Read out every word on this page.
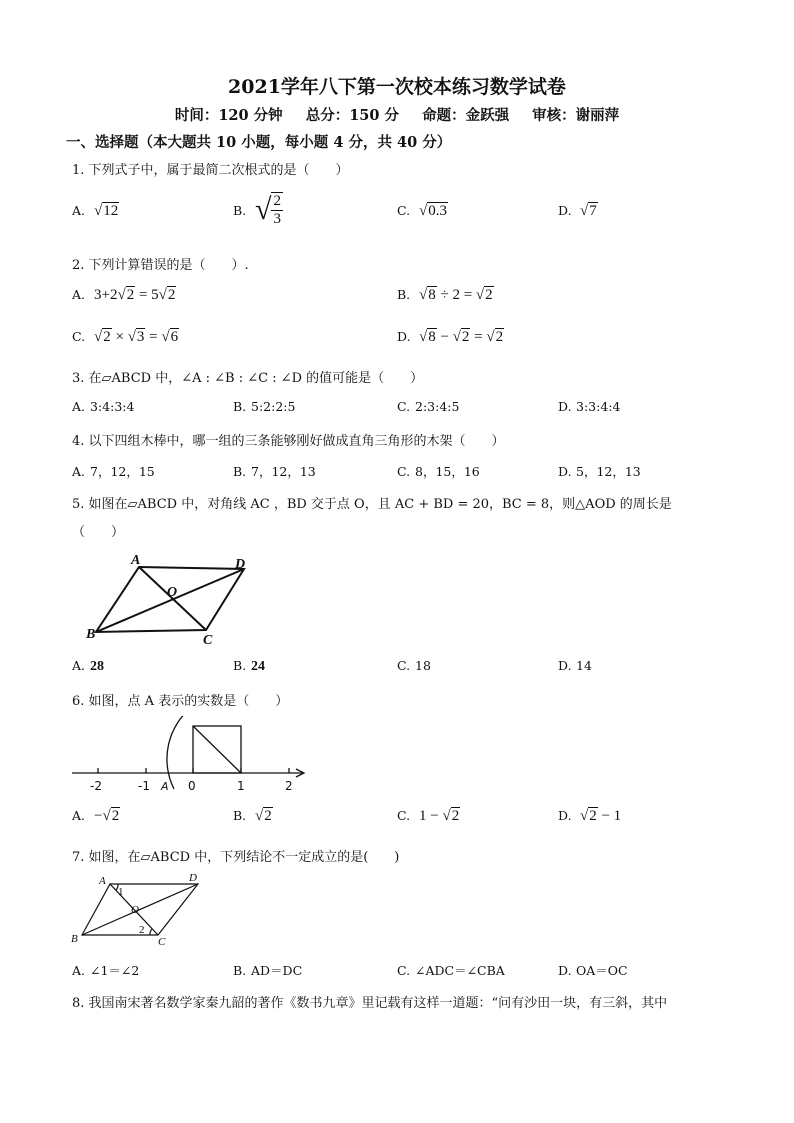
2021学年八下第一次校本练习数学试卷
时间：120 分钟 总分：150 分 命题：金跃强 审核：谢丽萍
一、选择题（本大题共 10 小题，每小题 4 分，共 40 分）
1. 下列式子中，属于最简二次根式的是（　　）
A. √12	B. √ $\frac{2}{3}$	C. √0.3	D. √7
2. 下列计算错误的是（　　）.
A. 3+2√2 = 5√2	B. √8 ÷ 2 = √2
C. √2 × √3 = √6	D. √8 − √2 = √2
3. 在▱ABCD 中，∠A : ∠B : ∠C : ∠D 的值可能是（　　）
A. 3:4:3:4	B. 5:2:2:5	C. 2:3:4:5	D. 3:3:4:4
4. 以下四组木棒中，哪一组的三条能够刚好做成直角三角形的木架（　　）
A. 7，12，15	B. 7，12，13	C. 8，15，16	D. 5，12，13
5. 如图在▱ABCD 中，对角线 AC ，BD 交于点 O，且 AC + BD = 20，BC = 8，则△AOD 的周长是
（　　）
A	D
O
B	C
A. 28	B. 24	C. 18	D. 14
6. 如图，点 A 表示的实数是（　　）
-2	-1 A 0	1	2
A. −√2	B. √2	C. 1 − √2	D. √2 − 1
7. 如图，在▱ABCD 中，下列结论不一定成立的是(　　)
A
1
D
O
B
2
C
A. ∠1＝∠2	B. AD＝DC	C. ∠ADC＝∠CBA	D. OA＝OC
8. 我国南宋著名数学家秦九韶的著作《数书九章》里记载有这样一道题：“问有沙田一块，有三斜，其中
